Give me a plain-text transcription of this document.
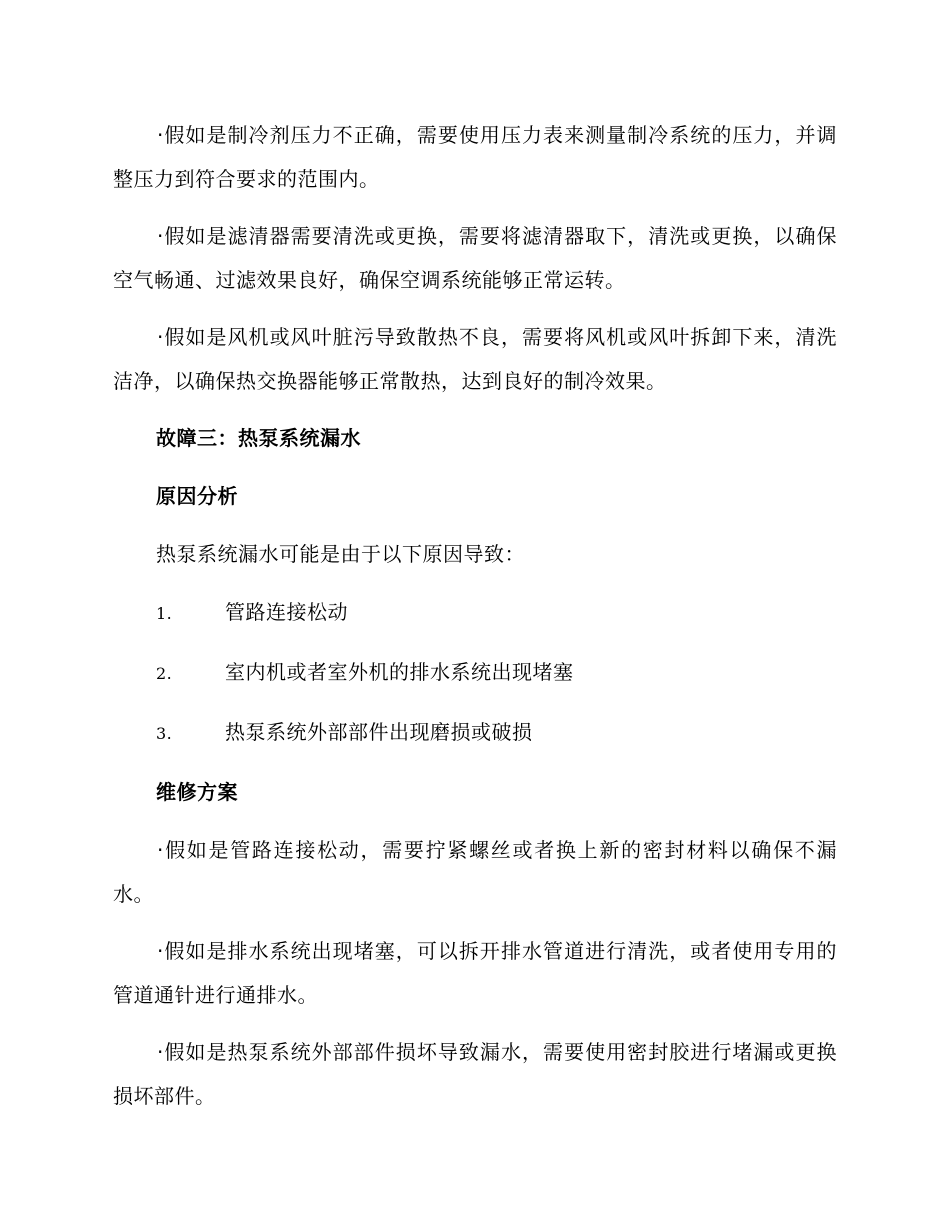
·假如是制冷剂压力不正确，需要使用压力表来测量制冷系统的压力，并调整压力到符合要求的范围内。

·假如是滤清器需要清洗或更换，需要将滤清器取下，清洗或更换，以确保空气畅通、过滤效果良好，确保空调系统能够正常运转。

·假如是风机或风叶脏污导致散热不良，需要将风机或风叶拆卸下来，清洗洁净，以确保热交换器能够正常散热，达到良好的制冷效果。

故障三：热泵系统漏水
原因分析
热泵系统漏水可能是由于以下原因导致：
1.	管路连接松动
2.	室内机或者室外机的排水系统出现堵塞
3.	热泵系统外部部件出现磨损或破损
维修方案

·假如是管路连接松动，需要拧紧螺丝或者换上新的密封材料以确保不漏水。

·假如是排水系统出现堵塞，可以拆开排水管道进行清洗，或者使用专用的管道通针进行通排水。

·假如是热泵系统外部部件损坏导致漏水，需要使用密封胶进行堵漏或更换损坏部件。
